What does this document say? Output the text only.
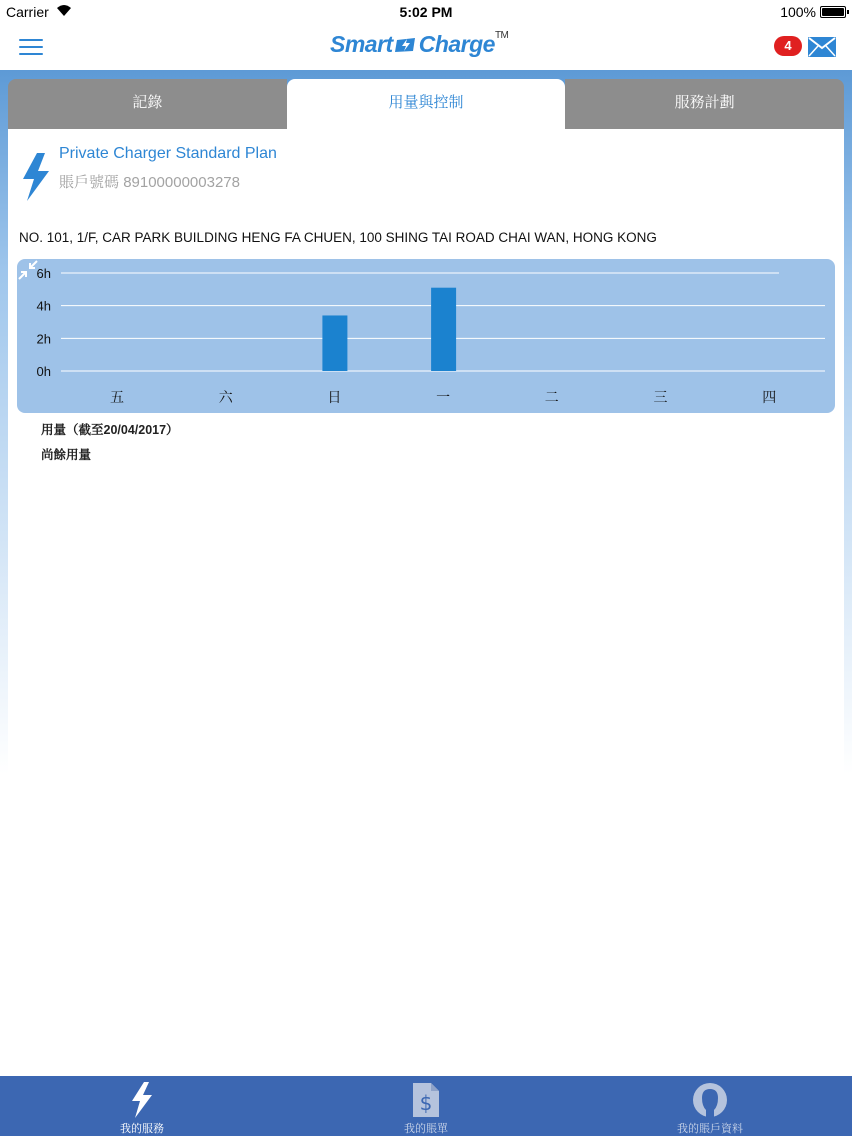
Carrier	5:02 PM	100%
Smart Charge™
4
記錄	用量與控制	服務計劃
Private Charger Standard Plan
賬戶號碼 89100000003278
NO. 101, 1/F, CAR PARK BUILDING HENG FA CHUEN, 100 SHING TAI ROAD CHAI WAN, HONG KONG
0h
2h
4h
6h
五	六	日	一	二	三	四
用量（截至20/04/2017）
尚餘用量
我的服務
$
我的賬單	我的賬戶資料
